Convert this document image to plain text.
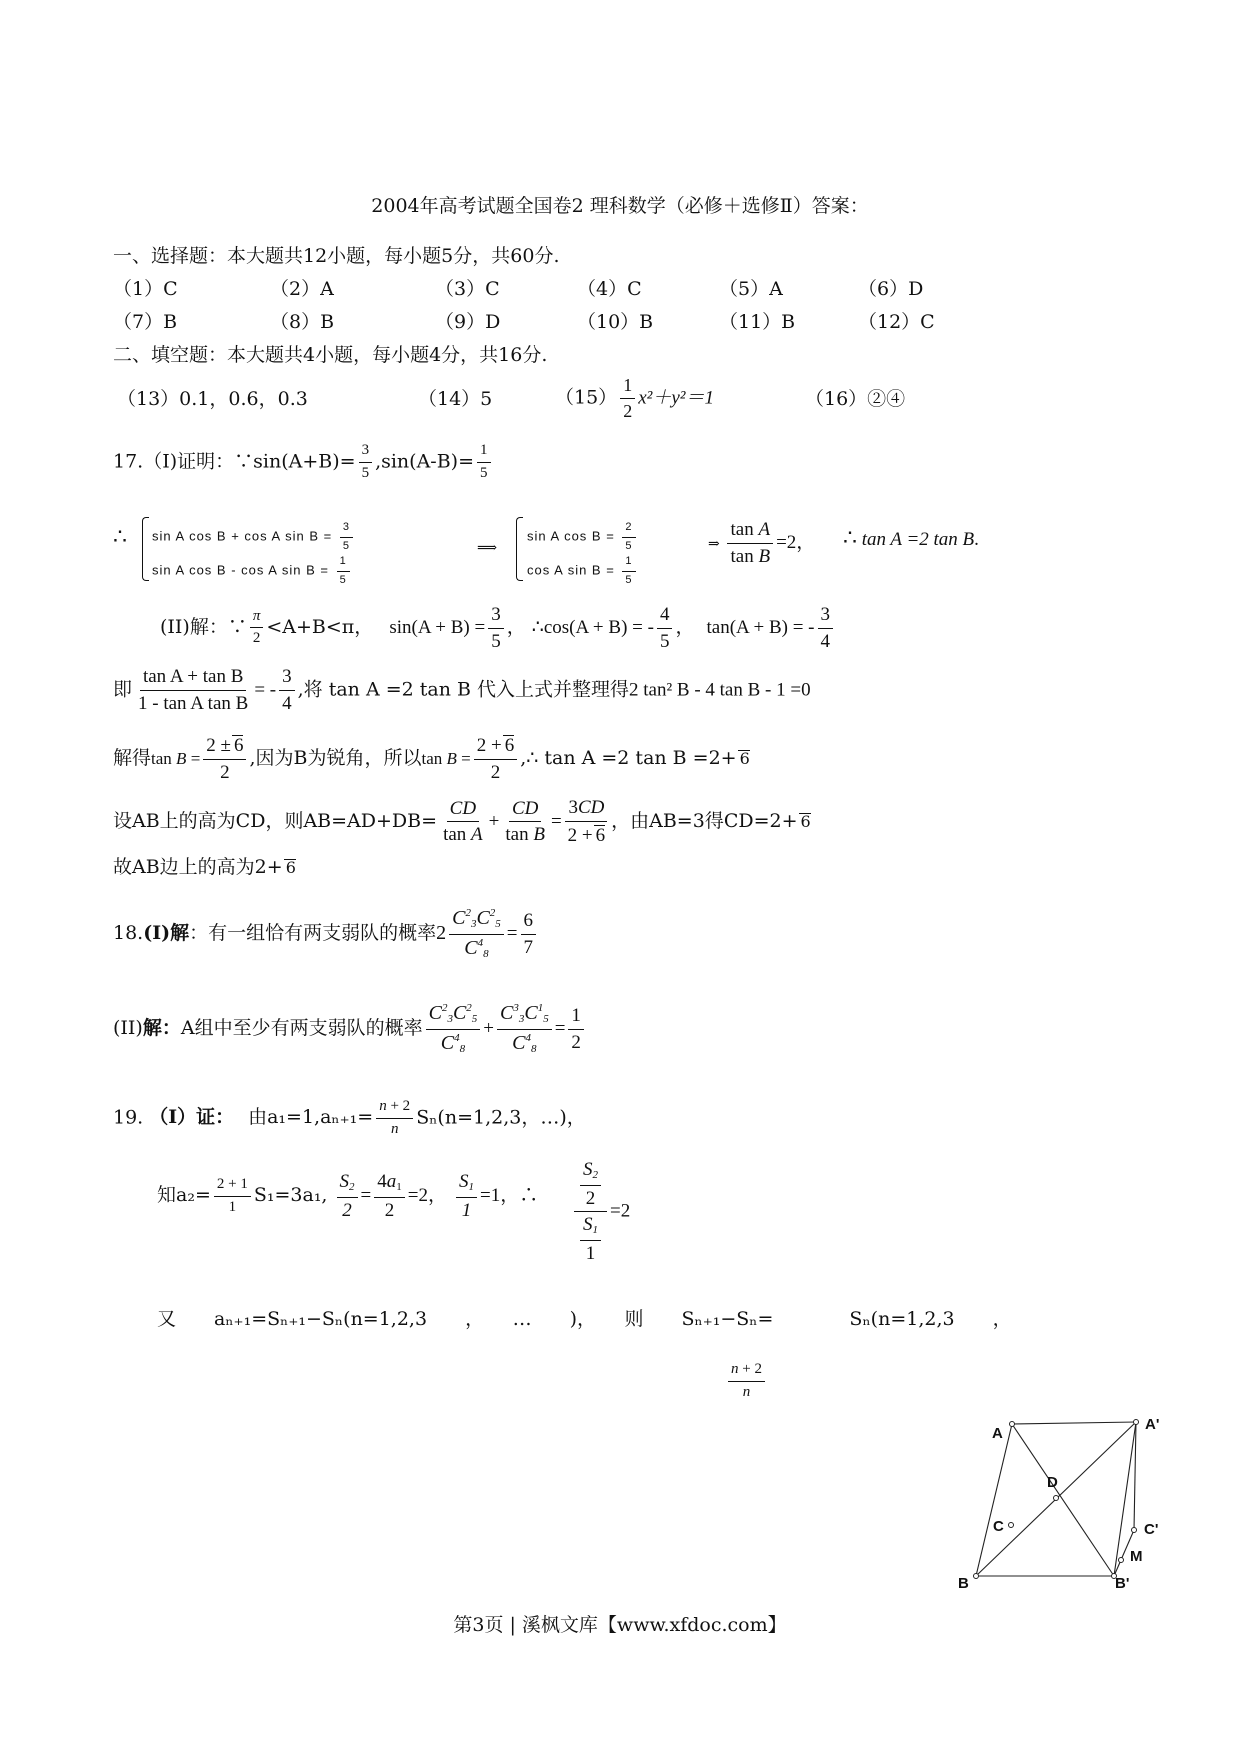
2004年高考试题全国卷2 理科数学（必修＋选修Ⅱ）答案：
一、选择题：本大题共12小题，每小题5分，共60分.
（1）C	（2）A	（3）C	（4）C	（5）A	（6）D
（7）B	（8）B	（9）D	（10）B	（11）B	（12）C
二、填空题：本大题共4小题，每小题4分，共16分.
（13）0.1，0.6，0.3	（14）5	$(15) \frac{1}{2} x^2+y^2=1$	（16）②④
17.（I)证明：∵sin(A+B)= $\frac{3}{5} ,\sin(A-B)= \frac{1}{5}$
∴ sin A cos B + cos A $\sin B = \frac{3}{5}$
sin A cos B - cos A $\sin B = \frac{1}{5}$
⟹
sin A $\cos B = \frac{2}{5}$
cos A $\sin B = \frac{1}{5}$
⇒ $\frac{\text{tan A}}{\text{tan B}} =2$， ∴ tan A =2 tan B.
(II)解：∵ $\frac{\pi}{2} <A+B<\pi$， $\sin(A + B) = \frac{3}{5}$ ， ∴cos(A + B) = - $\frac{4}{5}$ ， tan(A + B) = - $\frac{3}{4}$
即 $\frac{\text{tan A + tan B}}{\text{1 - tan A tan B}}$ = - $\frac{3}{4}$ ,将 tan A =2 tan B 代入上式并整理得2 tan² B - 4 tan B - 1 =0
解得$\tan B = \frac{2 \pm 6}{2}$ ,因为B为锐角，所以$\tan B = \frac{2 + 6}{2}$ ,∴ tan A =2 tan B =2+ 6
设AB上的高为CD，则$AB=AD+DB= \frac{CD}{\text{tan A}} + \frac{CD}{\text{tan B}} = \frac{3CD}{2 + 6}$ ，由AB=3得CD=2+ 6
故AB边上的高为2+ 6
18.(I)解：有一组恰有两支弱队的概率$2 \frac{C^2_3C^2_5}{C^4_8} = \frac{6}{7}$
(II)解：A组中至少有两支弱队的概率 $\frac{C^2_3C^2_5}{C^4_8} + \frac{C^3_3C^1_5}{C^4_8} = \frac{1}{2}$
19. （I）证： 由$a_1=1,a_{n+1}= \frac{n + 2}{n} S_n(n=1,2,3$，…)，
知$a_2= \frac{2 + 1}{1} S_1=3a_1$, $\frac{S_2}{2} = \frac{4a_1}{2} =2$， $\frac{S_1}{1} =1$，∴ $\frac{\frac{S_2}{2}}{\frac{S_1}{1}} =2$
又　　aₙ₊₁=Sₙ₊₁−Sₙ(n=1,2,3　　，　　…　　)，　　则　　Sₙ₊₁−Sₙ=　　　　Sₙ(n=1,2,3　　，
$\frac{n + 2}{n}$
A
A'
D
C	C'
M
B	B'
第3页 | 溪枫文库【www.xfdoc.com】
